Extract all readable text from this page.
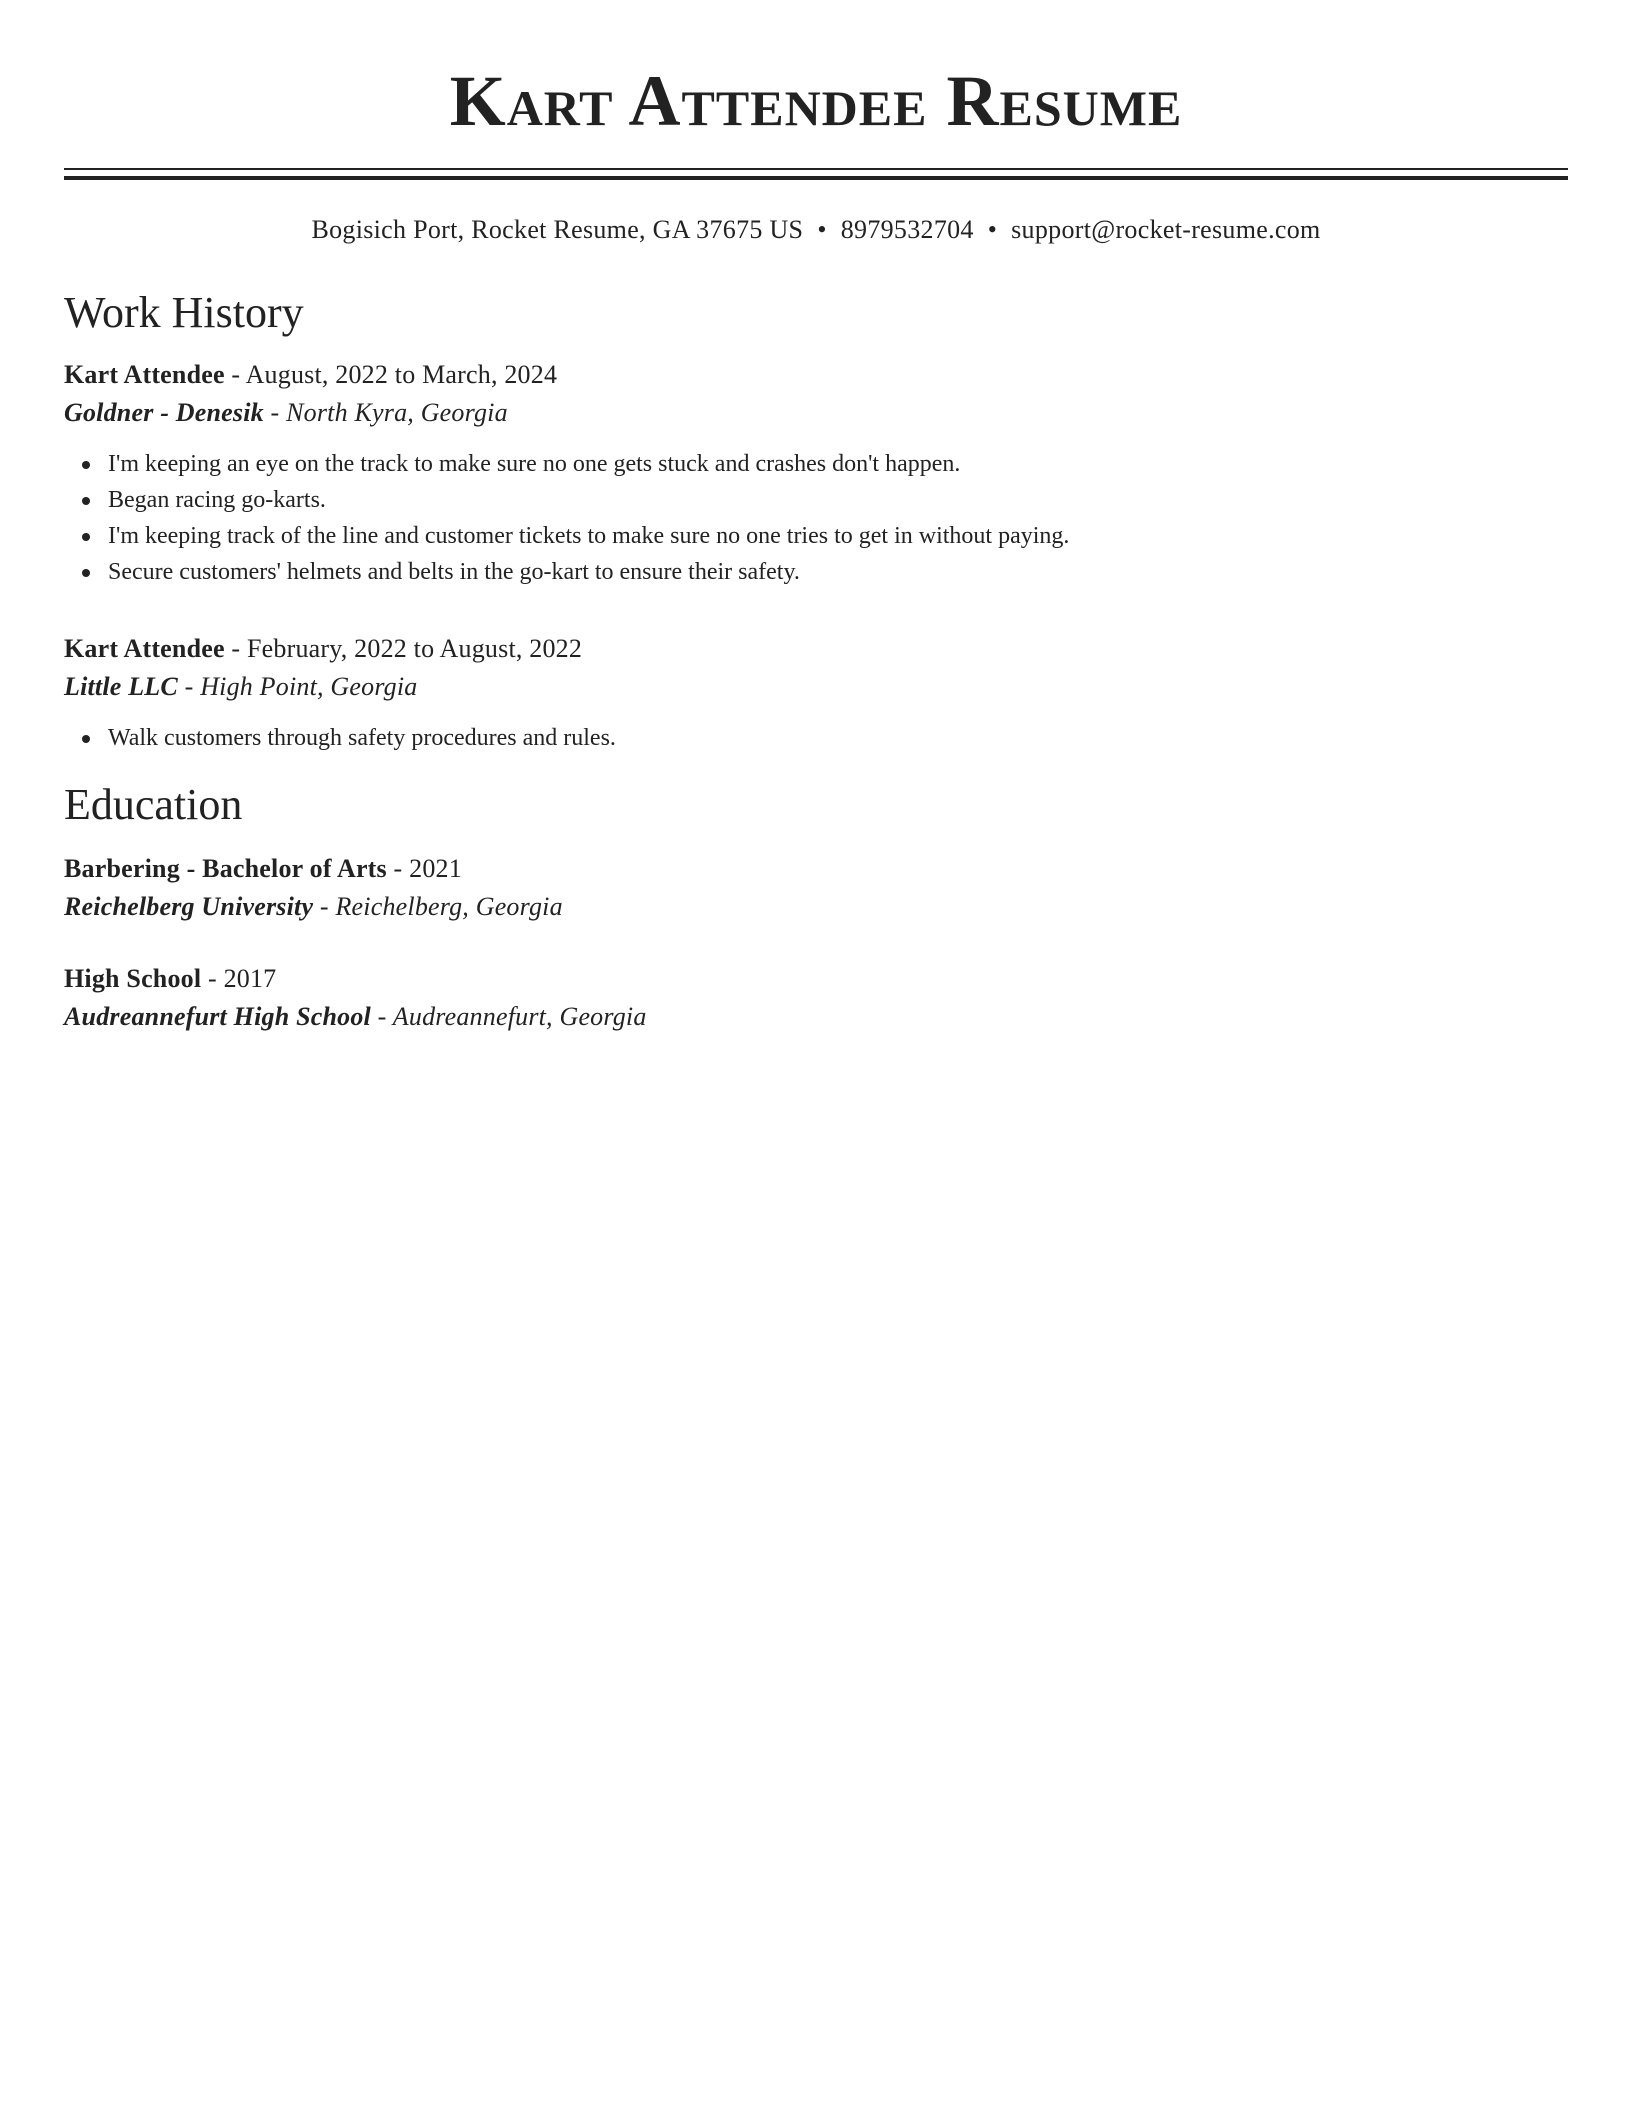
Kart Attendee Resume
Bogisich Port, Rocket Resume, GA 37675 US • 8979532704 • support@rocket-resume.com
Work History
Kart Attendee - August, 2022 to March, 2024
Goldner - Denesik - North Kyra, Georgia
I'm keeping an eye on the track to make sure no one gets stuck and crashes don't happen.
Began racing go-karts.
I'm keeping track of the line and customer tickets to make sure no one tries to get in without paying.
Secure customers' helmets and belts in the go-kart to ensure their safety.
Kart Attendee - February, 2022 to August, 2022
Little LLC - High Point, Georgia
Walk customers through safety procedures and rules.
Education
Barbering - Bachelor of Arts - 2021
Reichelberg University - Reichelberg, Georgia
High School - 2017
Audreannefurt High School - Audreannefurt, Georgia
